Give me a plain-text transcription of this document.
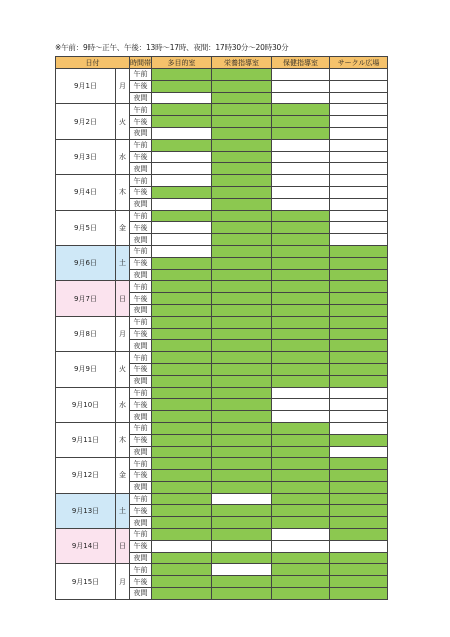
※午前：9時～正午、午後：13時～17時、夜間：17時30分～20時30分
日付		時間帯	多目的室	栄養指導室	保健指導室	サークル広場
9月1日	月	午前				
		午後				
		夜間				
9月2日	火	午前				
		午後				
		夜間				
9月3日	水	午前				
		午後				
		夜間				
9月4日	木	午前				
		午後				
		夜間				
9月5日	金	午前				
		午後				
		夜間				
9月6日	土	午前				
		午後				
		夜間				
9月7日	日	午前				
		午後				
		夜間				
9月8日	月	午前				
		午後				
		夜間				
9月9日	火	午前				
		午後				
		夜間				
9月10日	水	午前				
		午後				
		夜間				
9月11日	木	午前				
		午後				
		夜間				
9月12日	金	午前				
		午後				
		夜間				
9月13日	土	午前				
		午後				
		夜間				
9月14日	日	午前				
		午後				
		夜間				
9月15日	月	午前				
		午後				
		夜間				
